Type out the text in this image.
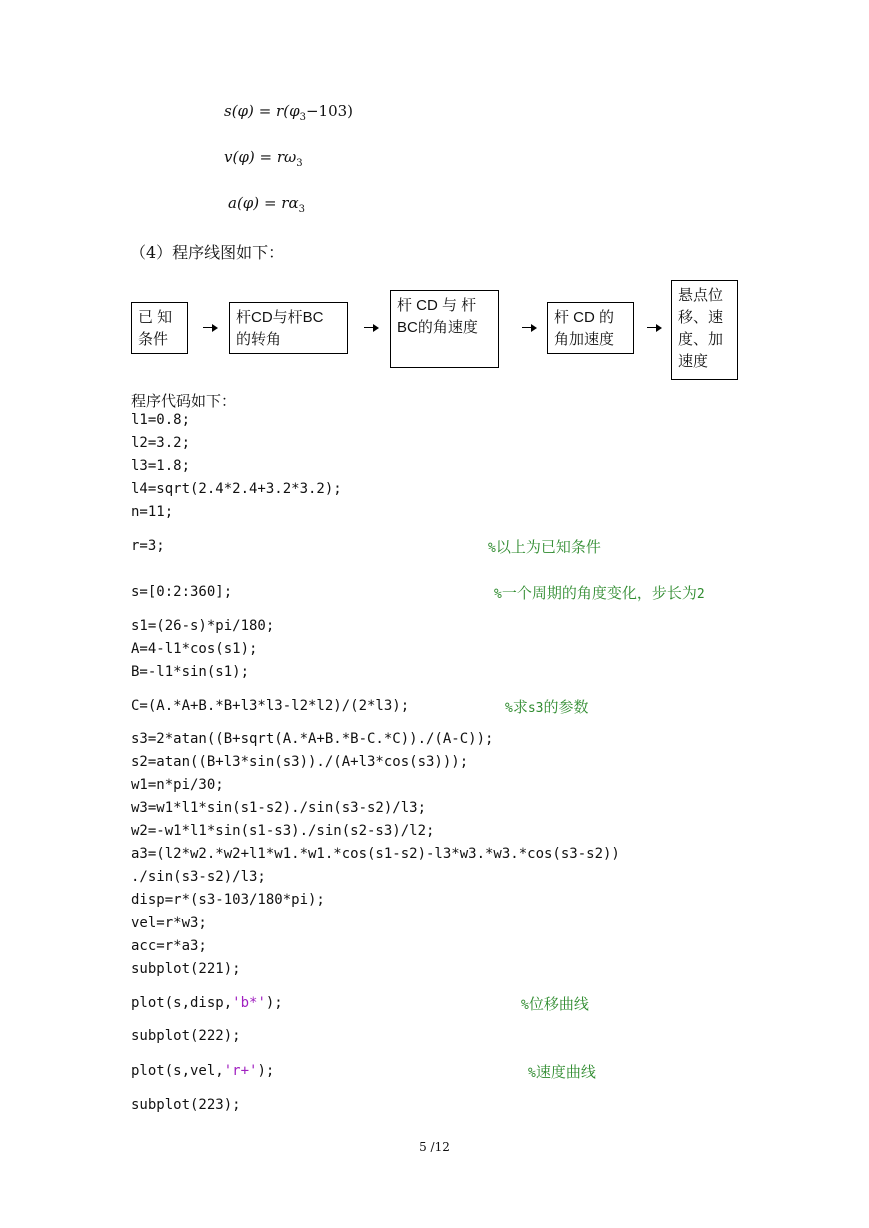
$s(\varphi) = r(\varphi_3-103)$
$v(\varphi) = r\omega_3$
$a(\varphi) = r\alpha_3$
（4）程序线图如下：
已 知
条件
杆CD与杆BC
的转角
杆 CD 与 杆
BC的角速度
杆 CD 的
角加速度
悬点位
移、速
度、加
速度
程序代码如下：
l1=0.8;
l2=3.2;
l3=1.8;
l4=sqrt(2.4*2.4+3.2*3.2);
n=11;
r=3;	%以上为已知条件
s=[0:2:360];	%一个周期的角度变化，步长为2
s1=(26-s)*pi/180;
A=4-l1*cos(s1);
B=-l1*sin(s1);
C=(A.*A+B.*B+l3*l3-l2*l2)/(2*l3);	%求s3的参数
s3=2*atan((B+sqrt(A.*A+B.*B-C.*C))./(A-C));
s2=atan((B+l3*sin(s3))./(A+l3*cos(s3)));
w1=n*pi/30;
w3=w1*l1*sin(s1-s2)./sin(s3-s2)/l3;
w2=-w1*l1*sin(s1-s3)./sin(s2-s3)/l2;
a3=(l2*w2.*w2+l1*w1.*w1.*cos(s1-s2)-l3*w3.*w3.*cos(s3-s2))
./sin(s3-s2)/l3;
disp=r*(s3-103/180*pi);
vel=r*w3;
acc=r*a3;
subplot(221);
plot(s,disp,'b*');	%位移曲线
subplot(222);
plot(s,vel,'r+');	%速度曲线
subplot(223);
5 /12
